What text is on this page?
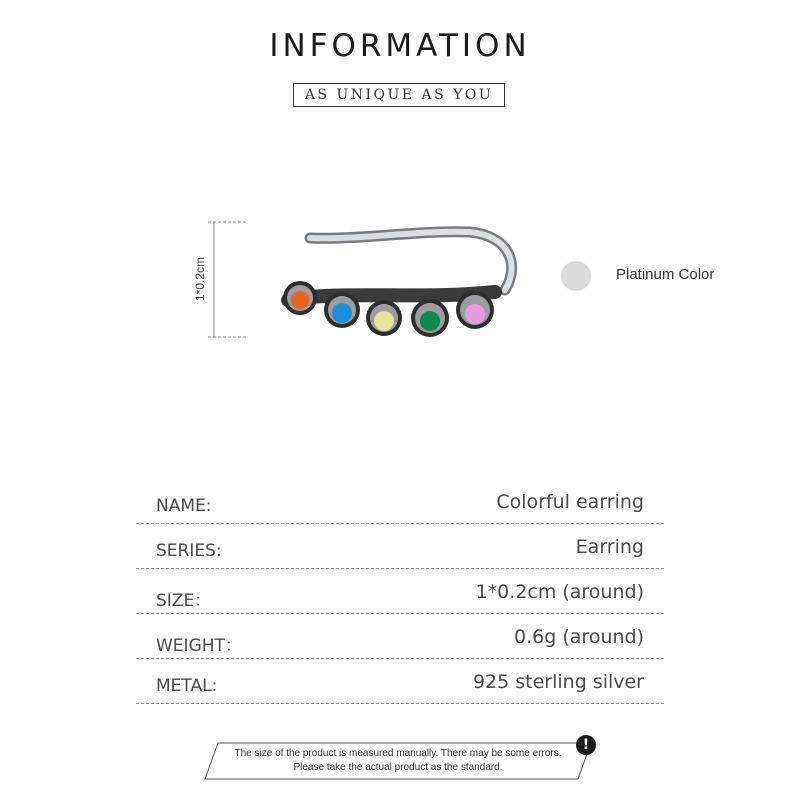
INFORMATION
AS UNIQUE AS YOU
1*0.2cm	Platinum Color
NAME:	Colorful earring
SERIES:	Earring
SIZE：	1*0.2cm (around)
WEIGHT：	0.6g (around)
METAL:	925 sterling silver
The size of the product is measured manually. There may be some errors.
Please take the actual product as the standard.
!
